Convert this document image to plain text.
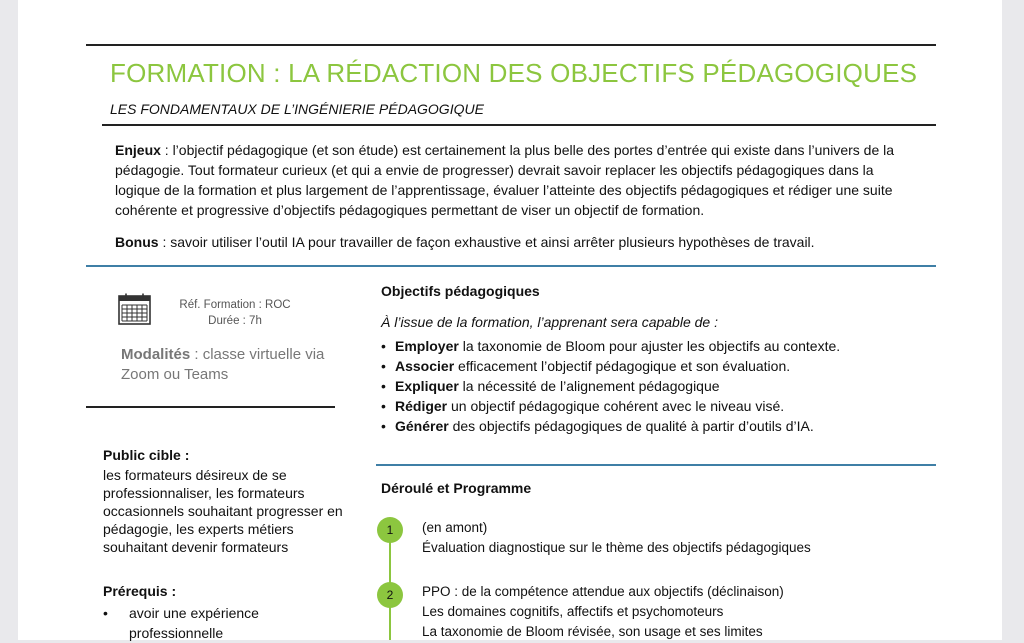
FORMATION : LA RÉDACTION DES OBJECTIFS PÉDAGOGIQUES
LES FONDAMENTAUX DE L’INGÉNIERIE PÉDAGOGIQUE
Enjeux : l’objectif pédagogique (et son étude) est certainement la plus belle des portes d’entrée qui existe dans l’univers de la pédagogie. Tout formateur curieux (et qui a envie de progresser) devrait savoir replacer les objectifs pédagogiques dans la logique de la formation et plus largement de l’apprentissage, évaluer l’atteinte des objectifs pédagogiques et rédiger une suite cohérente et progressive d’objectifs pédagogiques permettant de viser un objectif de formation.
Bonus : savoir utiliser l’outil IA pour travailler de façon exhaustive et ainsi arrêter plusieurs hypothèses de travail.
Réf. Formation : ROC
Durée : 7h
Modalités : classe virtuelle via Zoom ou Teams
Objectifs pédagogiques
À l’issue de la formation, l’apprenant sera capable de :
• Employer la taxonomie de Bloom pour ajuster les objectifs au contexte.
• Associer efficacement l’objectif pédagogique et son évaluation.
• Expliquer la nécessité de l’alignement pédagogique
• Rédiger un objectif pédagogique cohérent avec le niveau visé.
• Générer des objectifs pédagogiques de qualité à partir d’outils d’IA.
Public cible :
les formateurs désireux de se professionnaliser, les formateurs occasionnels souhaitant progresser en pédagogie, les experts métiers souhaitant devenir formateurs
Prérequis :
•	avoir une expérience professionnelle
Déroulé et Programme
1	(en amont)
Évaluation diagnostique sur le thème des objectifs pédagogiques
2	PPO : de la compétence attendue aux objectifs (déclinaison)
Les domaines cognitifs, affectifs et psychomoteurs
La taxonomie de Bloom révisée, son usage et ses limites
